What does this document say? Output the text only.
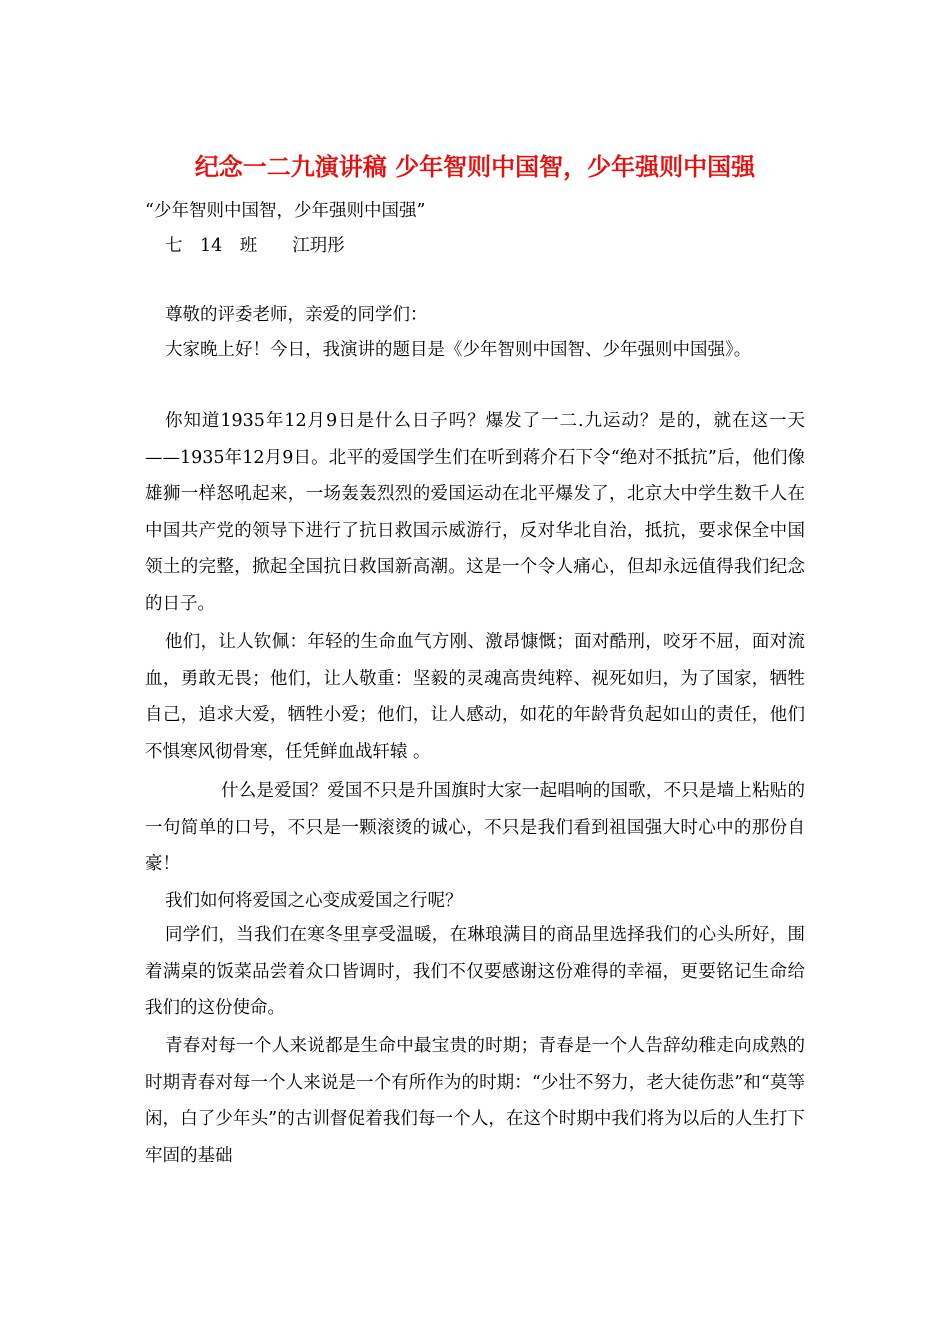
纪念一二九演讲稿 少年智则中国智，少年强则中国强
“少年智则中国智，少年强则中国强”
七　14　班　　江玥彤
尊敬的评委老师，亲爱的同学们：
大家晚上好！今日，我演讲的题目是《少年智则中国智、少年强则中国强》。
你知道1935年12月9日是什么日子吗？爆发了一二.九运动？是的，就在这一天——1935年12月9日。北平的爱国学生们在听到蒋介石下令“绝对不抵抗”后，他们像雄狮一样怒吼起来，一场轰轰烈烈的爱国运动在北平爆发了，北京大中学生数千人在中国共产党的领导下进行了抗日救国示威游行，反对华北自治，抵抗，要求保全中国领土的完整，掀起全国抗日救国新高潮。这是一个令人痛心，但却永远值得我们纪念的日子。
他们，让人钦佩：年轻的生命血气方刚、激昂慷慨；面对酷刑，咬牙不屈，面对流血，勇敢无畏；他们，让人敬重：坚毅的灵魂高贵纯粹、视死如归，为了国家，牺牲自己，追求大爱，牺牲小爱；他们，让人感动，如花的年龄背负起如山的责任，他们不惧寒风彻骨寒，任凭鲜血战轩辕 。
什么是爱国？爱国不只是升国旗时大家一起唱响的国歌，不只是墙上粘贴的一句简单的口号，不只是一颗滚烫的诚心，不只是我们看到祖国强大时心中的那份自豪！
我们如何将爱国之心变成爱国之行呢？
同学们，当我们在寒冬里享受温暖，在琳琅满目的商品里选择我们的心头所好，围着满桌的饭菜品尝着众口皆调时，我们不仅要感谢这份难得的幸福，更要铭记生命给我们的这份使命。
青春对每一个人来说都是生命中最宝贵的时期；青春是一个人告辞幼稚走向成熟的时期青春对每一个人来说是一个有所作为的时期：“少壮不努力，老大徒伤悲”和“莫等闲，白了少年头”的古训督促着我们每一个人，在这个时期中我们将为以后的人生打下牢固的基础
